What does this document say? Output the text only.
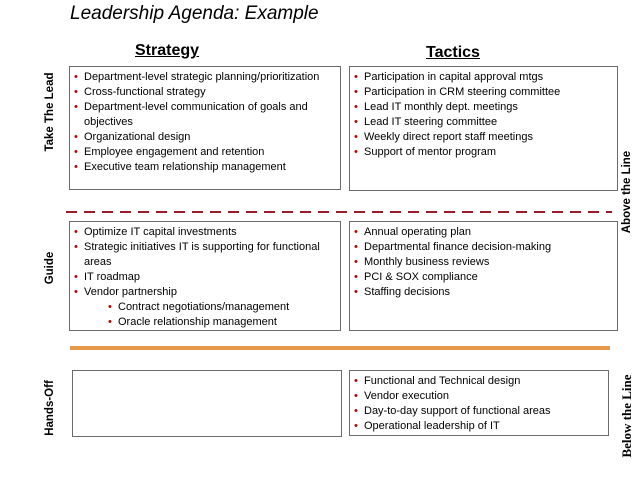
Leadership Agenda: Example
Strategy	Tactics
Take The Lead
Guide
Hands-Off
Above the Line
Below the Line
• Department-level strategic planning/prioritization
• Cross-functional strategy
• Department-level communication of goals and objectives
• Organizational design
• Employee engagement and retention
• Executive team relationship management
• Participation in capital approval mtgs
• Participation in CRM steering committee
• Lead IT monthly dept. meetings
• Lead IT steering committee
• Weekly direct report staff meetings
• Support of mentor program
• Optimize IT capital investments
• Strategic initiatives IT is supporting for functional areas
• IT roadmap
• Vendor partnership
• Contract negotiations/management
• Oracle relationship management
• Annual operating plan
• Departmental finance decision-making
• Monthly business reviews
• PCI & SOX compliance
• Staffing decisions
• Functional and Technical design
• Vendor execution
• Day-to-day support of functional areas
• Operational leadership of IT
